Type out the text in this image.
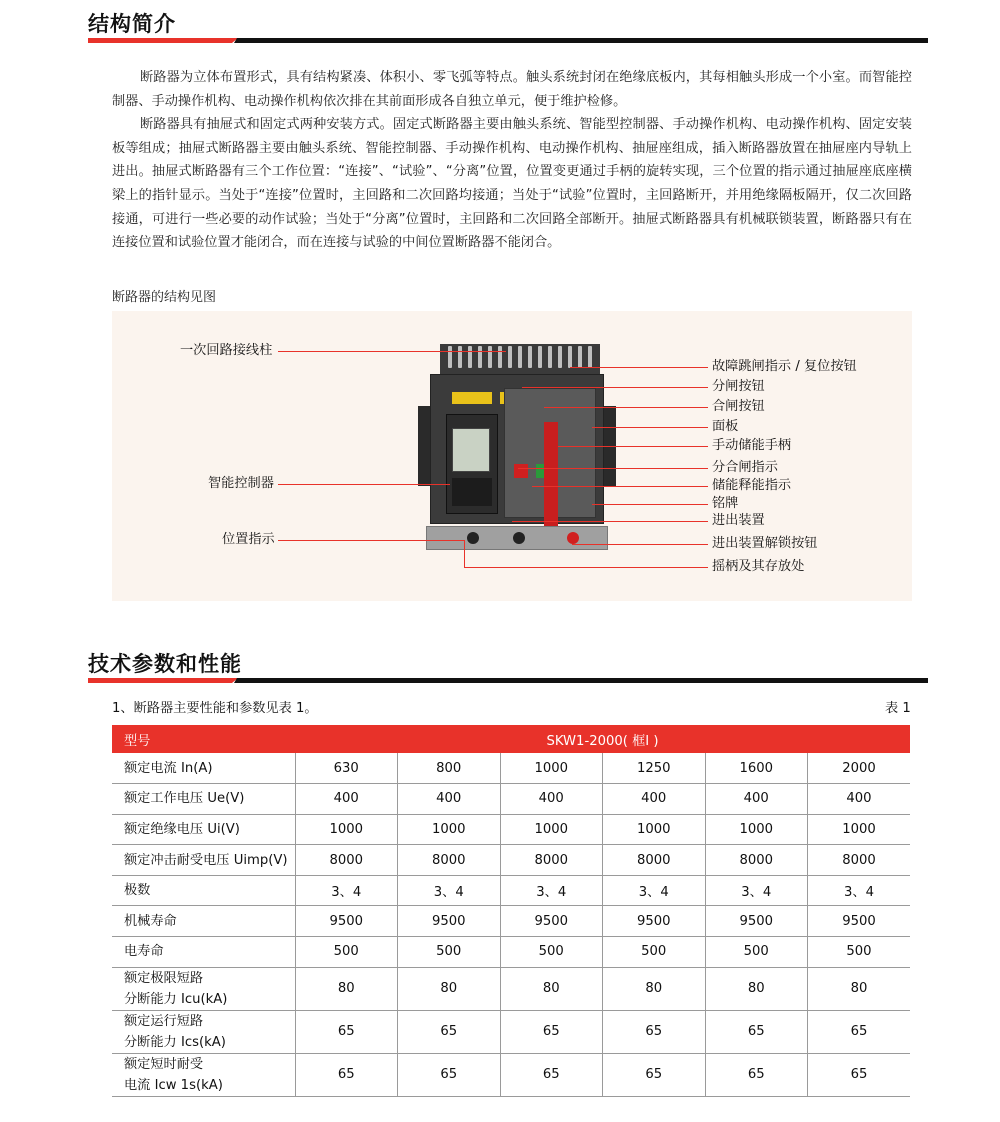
结构简介

断路器为立体布置形式，具有结构紧凑、体积小、零飞弧等特点。触头系统封闭在绝缘底板内，其每相触头形成一个小室。而智能控制器、手动操作机构、电动操作机构依次排在其前面形成各自独立单元，便于维护检修。

断路器具有抽屉式和固定式两种安装方式。固定式断路器主要由触头系统、智能型控制器、手动操作机构、电动操作机构、固定安装板等组成；抽屉式断路器主要由触头系统、智能控制器、手动操作机构、电动操作机构、抽屉座组成，插入断路器放置在抽屉座内导轨上进出。抽屉式断路器有三个工作位置：“连接”、“试验”、“分离”位置，位置变更通过手柄的旋转实现，三个位置的指示通过抽屉座底座横梁上的指针显示。当处于“连接”位置时，主回路和二次回路均接通；当处于“试验”位置时，主回路断开，并用绝缘隔板隔开，仅二次回路接通，可进行一些必要的动作试验；当处于“分离”位置时，主回路和二次回路全部断开。抽屉式断路器具有机械联锁装置，断路器只有在连接位置和试验位置才能闭合，而在连接与试验的中间位置断路器不能闭合。

断路器的结构见图
一次回路接线柱
智能控制器
位置指示
故障跳闸指示 / 复位按钮
分闸按钮
合闸按钮
面板
手动储能手柄
分合闸指示
储能释能指示
铭牌
进出装置
进出装置解锁按钮
摇柄及其存放处
技术参数和性能
1、断路器主要性能和参数见表 1。	表 1
型号	SKW1-2000( 框Ⅰ )					
额定电流 In(A)	630	800	1000	1250	1600	2000
额定工作电压 Ue(V)	400	400	400	400	400	400
额定绝缘电压 Ui(V)	1000	1000	1000	1000	1000	1000
额定冲击耐受电压 Uimp(V)	8000	8000	8000	8000	8000	8000
极数	3、4	3、4	3、4	3、4	3、4	3、4
机械寿命	9500	9500	9500	9500	9500	9500
电寿命	500	500	500	500	500	500

额定极限短路
分断能力 Icu(kA)	80	80	80	80	80	80

额定运行短路
分断能力 Ics(kA)	65	65	65	65	65	65

额定短时耐受
电流 Icw 1s(kA)	65	65	65	65	65	65
